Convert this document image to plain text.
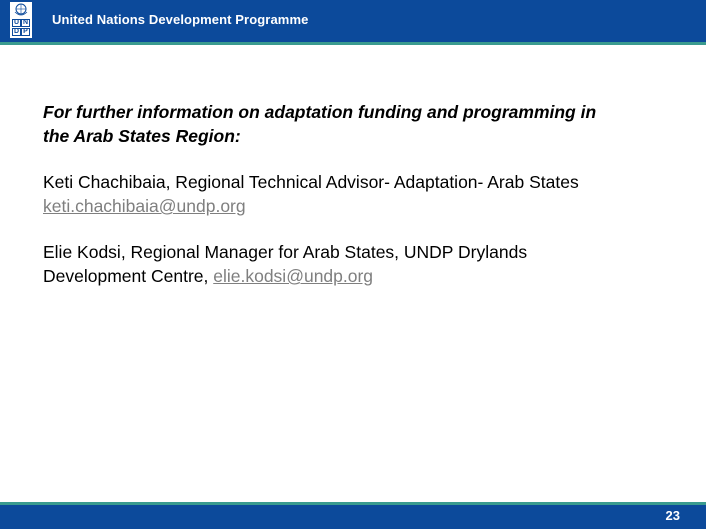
U N
D P
United Nations Development Programme

For further information on adaptation funding and programming in
the Arab States Region:

Keti Chachibaia, Regional Technical Advisor- Adaptation- Arab States
keti.chachibaia@undp.org

Elie Kodsi, Regional Manager for Arab States, UNDP Drylands
Development Centre, elie.kodsi@undp.org

23
